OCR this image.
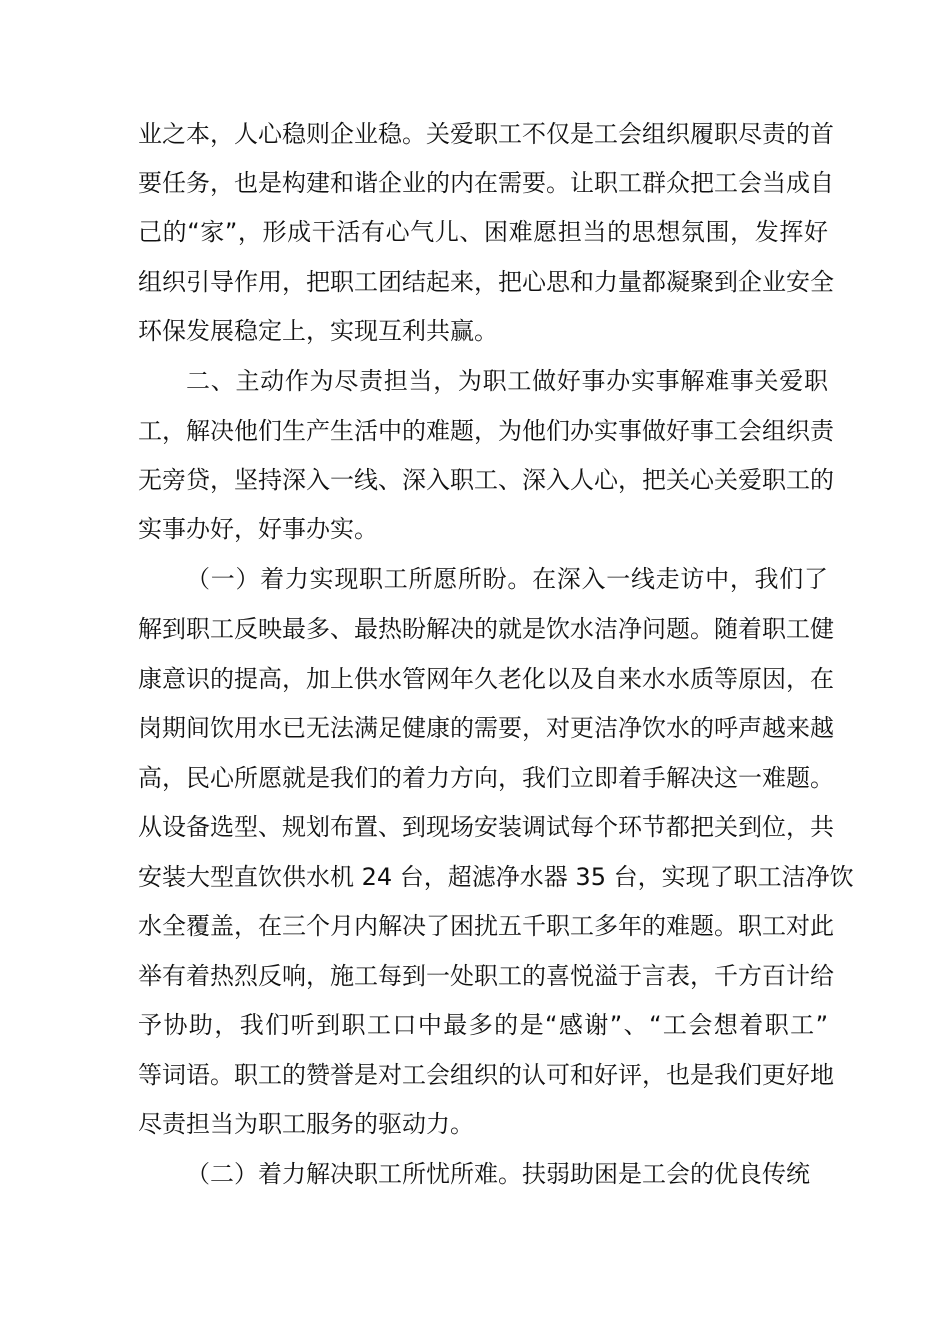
业之本，人心稳则企业稳。关爱职工不仅是工会组织履职尽责的首
要任务，也是构建和谐企业的内在需要。让职工群众把工会当成自
己的“家”，形成干活有心气儿、困难愿担当的思想氛围，发挥好
组织引导作用，把职工团结起来，把心思和力量都凝聚到企业安全
环保发展稳定上，实现互利共赢。
二、主动作为尽责担当，为职工做好事办实事解难事关爱职
工，解决他们生产生活中的难题，为他们办实事做好事工会组织责
无旁贷，坚持深入一线、深入职工、深入人心，把关心关爱职工的
实事办好，好事办实。
（一）着力实现职工所愿所盼。在深入一线走访中，我们了
解到职工反映最多、最热盼解决的就是饮水洁净问题。随着职工健
康意识的提高，加上供水管网年久老化以及自来水水质等原因，在
岗期间饮用水已无法满足健康的需要，对更洁净饮水的呼声越来越
高，民心所愿就是我们的着力方向，我们立即着手解决这一难题。
从设备选型、规划布置、到现场安装调试每个环节都把关到位，共
安装大型直饮供水机 24 台，超滤净水器 35 台，实现了职工洁净饮
水全覆盖，在三个月内解决了困扰五千职工多年的难题。职工对此
举有着热烈反响，施工每到一处职工的喜悦溢于言表，千方百计给
予协助，我们听到职工口中最多的是“感谢”、“工会想着职工”
等词语。职工的赞誉是对工会组织的认可和好评，也是我们更好地
尽责担当为职工服务的驱动力。
（二）着力解决职工所忧所难。扶弱助困是工会的优良传统
